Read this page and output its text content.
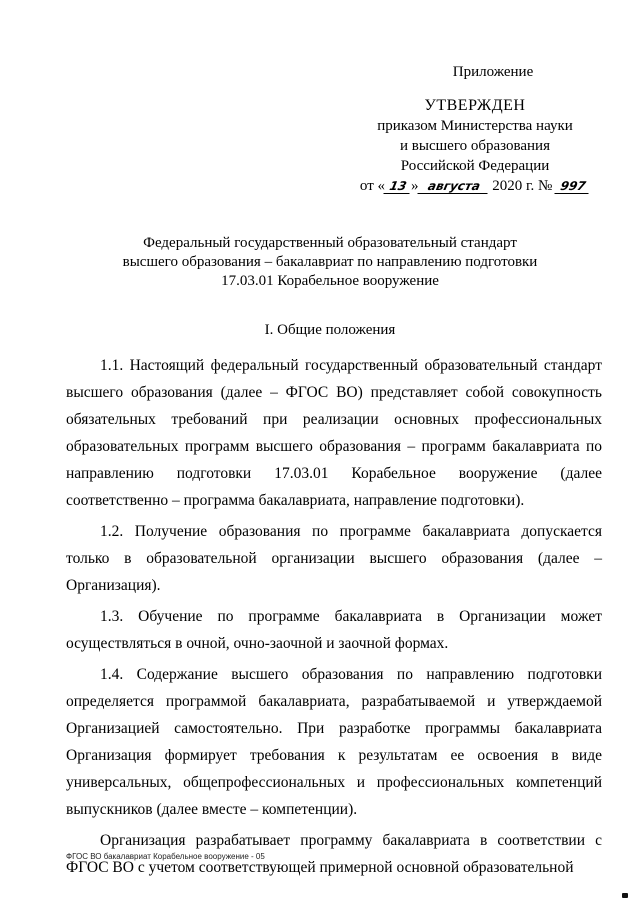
Приложение
УТВЕРЖДЕН
приказом Министерства науки
и высшего образования
Российской Федерации
от « 13 » августа 2020 г. № 997
Федеральный государственный образовательный стандарт
высшего образования – бакалавриат по направлению подготовки
17.03.01 Корабельное вооружение
I. Общие положения

1.1. Настоящий федеральный государственный образовательный стандарт высшего образования (далее – ФГОС ВО) представляет собой совокупность обязательных требований при реализации основных профессиональных образовательных программ высшего образования – программ бакалавриата по направлению подготовки 17.03.01 Корабельное вооружение (далее соответственно – программа бакалавриата, направление подготовки).

1.2. Получение образования по программе бакалавриата допускается только в образовательной организации высшего образования (далее – Организация).

1.3. Обучение по программе бакалавриата в Организации может осуществляться в очной, очно-заочной и заочной формах.

1.4. Содержание высшего образования по направлению подготовки определяется программой бакалавриата, разрабатываемой и утверждаемой Организацией самостоятельно. При разработке программы бакалавриата Организация формирует требования к результатам ее освоения в виде универсальных, общепрофессиональных и профессиональных компетенций выпускников (далее вместе – компетенции).

Организация разрабатывает программу бакалавриата в соответствии с ФГОС ВО с учетом соответствующей примерной основной образовательной

ФГОС ВО бакалавриат Корабельное вооружение - 05
